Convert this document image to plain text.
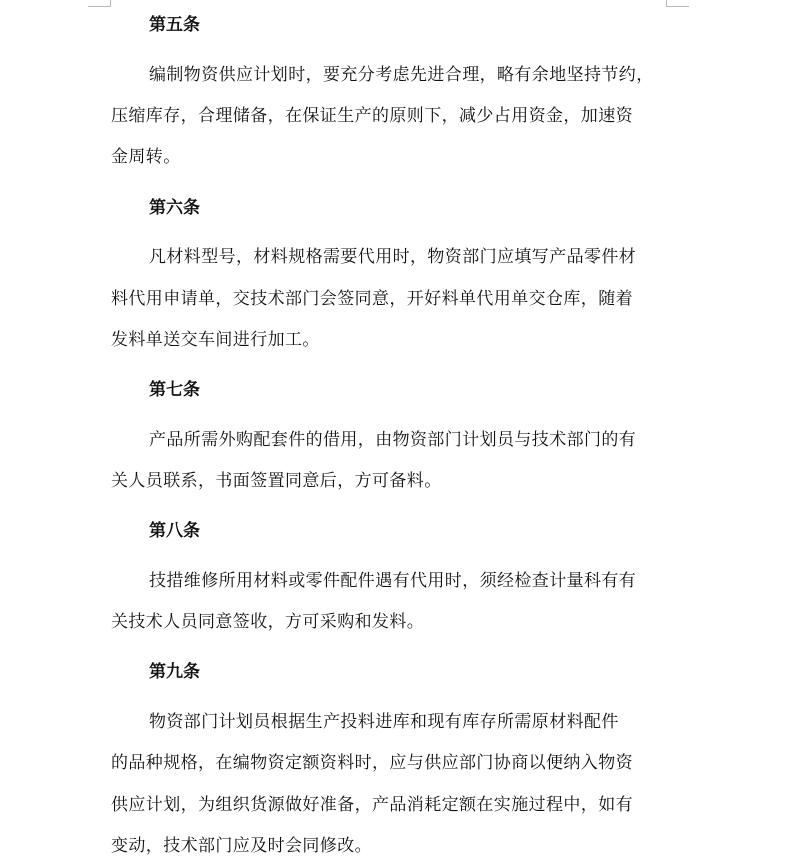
第五条
编制物资供应计划时，要充分考虑先进合理，略有余地坚持节约，
压缩库存，合理储备，在保证生产的原则下，减少占用资金，加速资
金周转。
第六条
凡材料型号，材料规格需要代用时，物资部门应填写产品零件材
料代用申请单，交技术部门会签同意，开好料单代用单交仓库，随着
发料单送交车间进行加工。
第七条
产品所需外购配套件的借用，由物资部门计划员与技术部门的有
关人员联系，书面签置同意后，方可备料。
第八条
技措维修所用材料或零件配件遇有代用时，须经检查计量科有有
关技术人员同意签收，方可采购和发料。
第九条
物资部门计划员根据生产投料进库和现有库存所需原材料配件
的品种规格，在编物资定额资料时，应与供应部门协商以便纳入物资
供应计划，为组织货源做好准备，产品消耗定额在实施过程中，如有
变动，技术部门应及时会同修改。
